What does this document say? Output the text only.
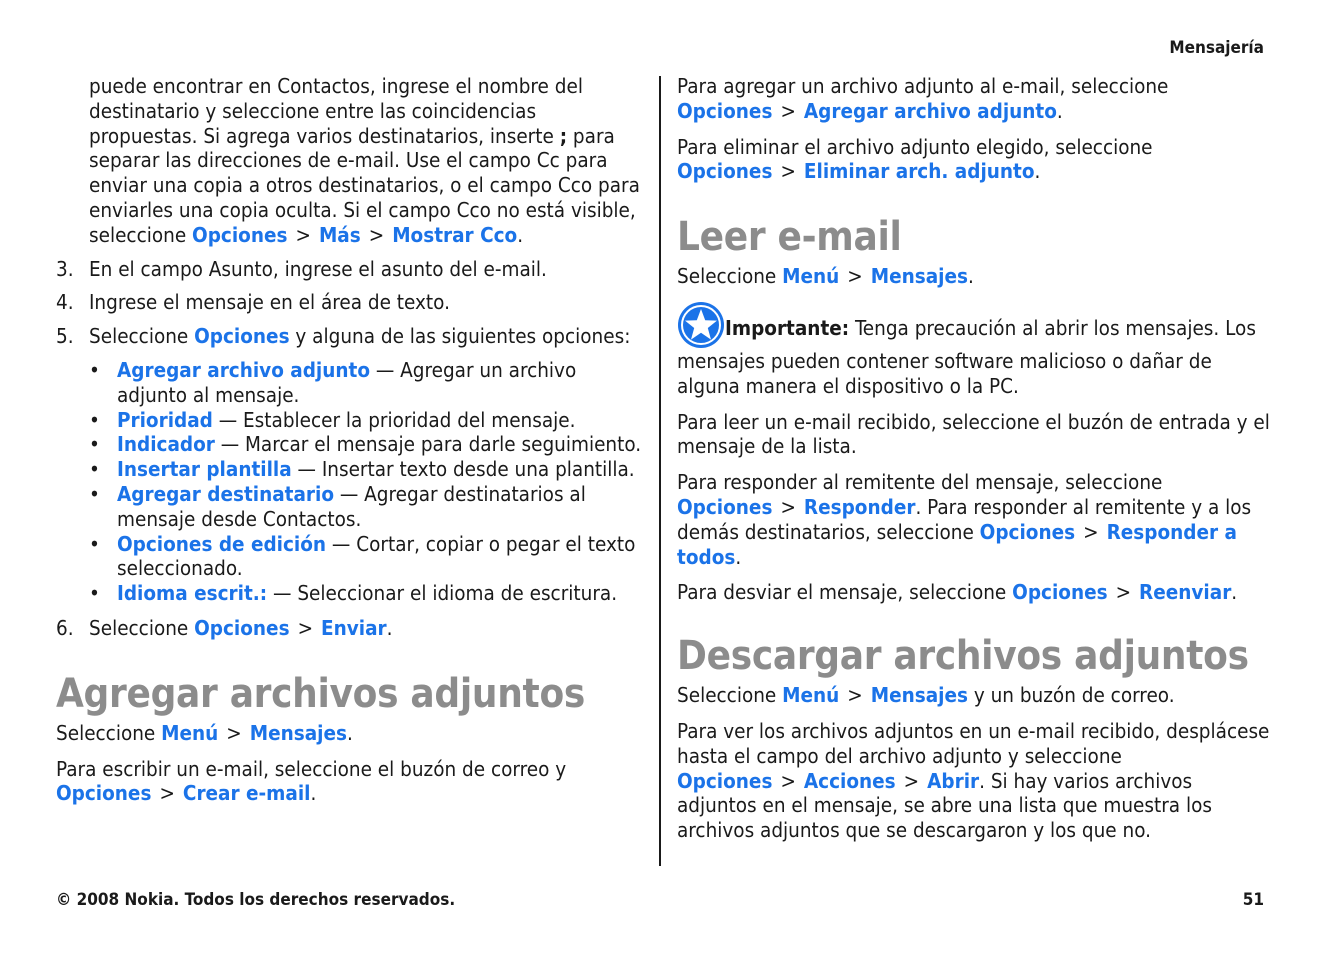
Mensajería

puede encontrar en Contactos, ingrese el nombre del destinatario y seleccione entre las coincidencias propuestas. Si agrega varios destinatarios, inserte ; para separar las direcciones de e-mail. Use el campo Cc para enviar una copia a otros destinatarios, o el campo Cco para enviarles una copia oculta. Si el campo Cco no está visible, seleccione Opciones > Más > Mostrar Cco.

3. En el campo Asunto, ingrese el asunto del e-mail.
4. Ingrese el mensaje en el área de texto.
5. Seleccione Opciones y alguna de las siguientes opciones:
• Agregar archivo adjunto — Agregar un archivo adjunto al mensaje.
• Prioridad — Establecer la prioridad del mensaje.
• Indicador — Marcar el mensaje para darle seguimiento.
• Insertar plantilla — Insertar texto desde una plantilla.
• Agregar destinatario — Agregar destinatarios al mensaje desde Contactos.
• Opciones de edición — Cortar, copiar o pegar el texto seleccionado.
• Idioma escrit.: — Seleccionar el idioma de escritura.
6. Seleccione Opciones > Enviar.
Agregar archivos adjuntos

Seleccione Menú > Mensajes.

Para escribir un e-mail, seleccione el buzón de correo y Opciones > Crear e-mail.

Para agregar un archivo adjunto al e-mail, seleccione Opciones > Agregar archivo adjunto.

Para eliminar el archivo adjunto elegido, seleccione Opciones > Eliminar arch. adjunto.

Leer e-mail

Seleccione Menú > Mensajes.

Importante: Tenga precaución al abrir los mensajes. Los mensajes pueden contener software malicioso o dañar de alguna manera el dispositivo o la PC.

Para leer un e-mail recibido, seleccione el buzón de entrada y el mensaje de la lista.

Para responder al remitente del mensaje, seleccione Opciones > Responder. Para responder al remitente y a los demás destinatarios, seleccione Opciones > Responder a todos.

Para desviar el mensaje, seleccione Opciones > Reenviar.

Descargar archivos adjuntos

Seleccione Menú > Mensajes y un buzón de correo.

Para ver los archivos adjuntos en un e-mail recibido, desplácese hasta el campo del archivo adjunto y seleccione Opciones > Acciones > Abrir. Si hay varios archivos adjuntos en el mensaje, se abre una lista que muestra los archivos adjuntos que se descargaron y los que no.

© 2008 Nokia. Todos los derechos reservados.	51
